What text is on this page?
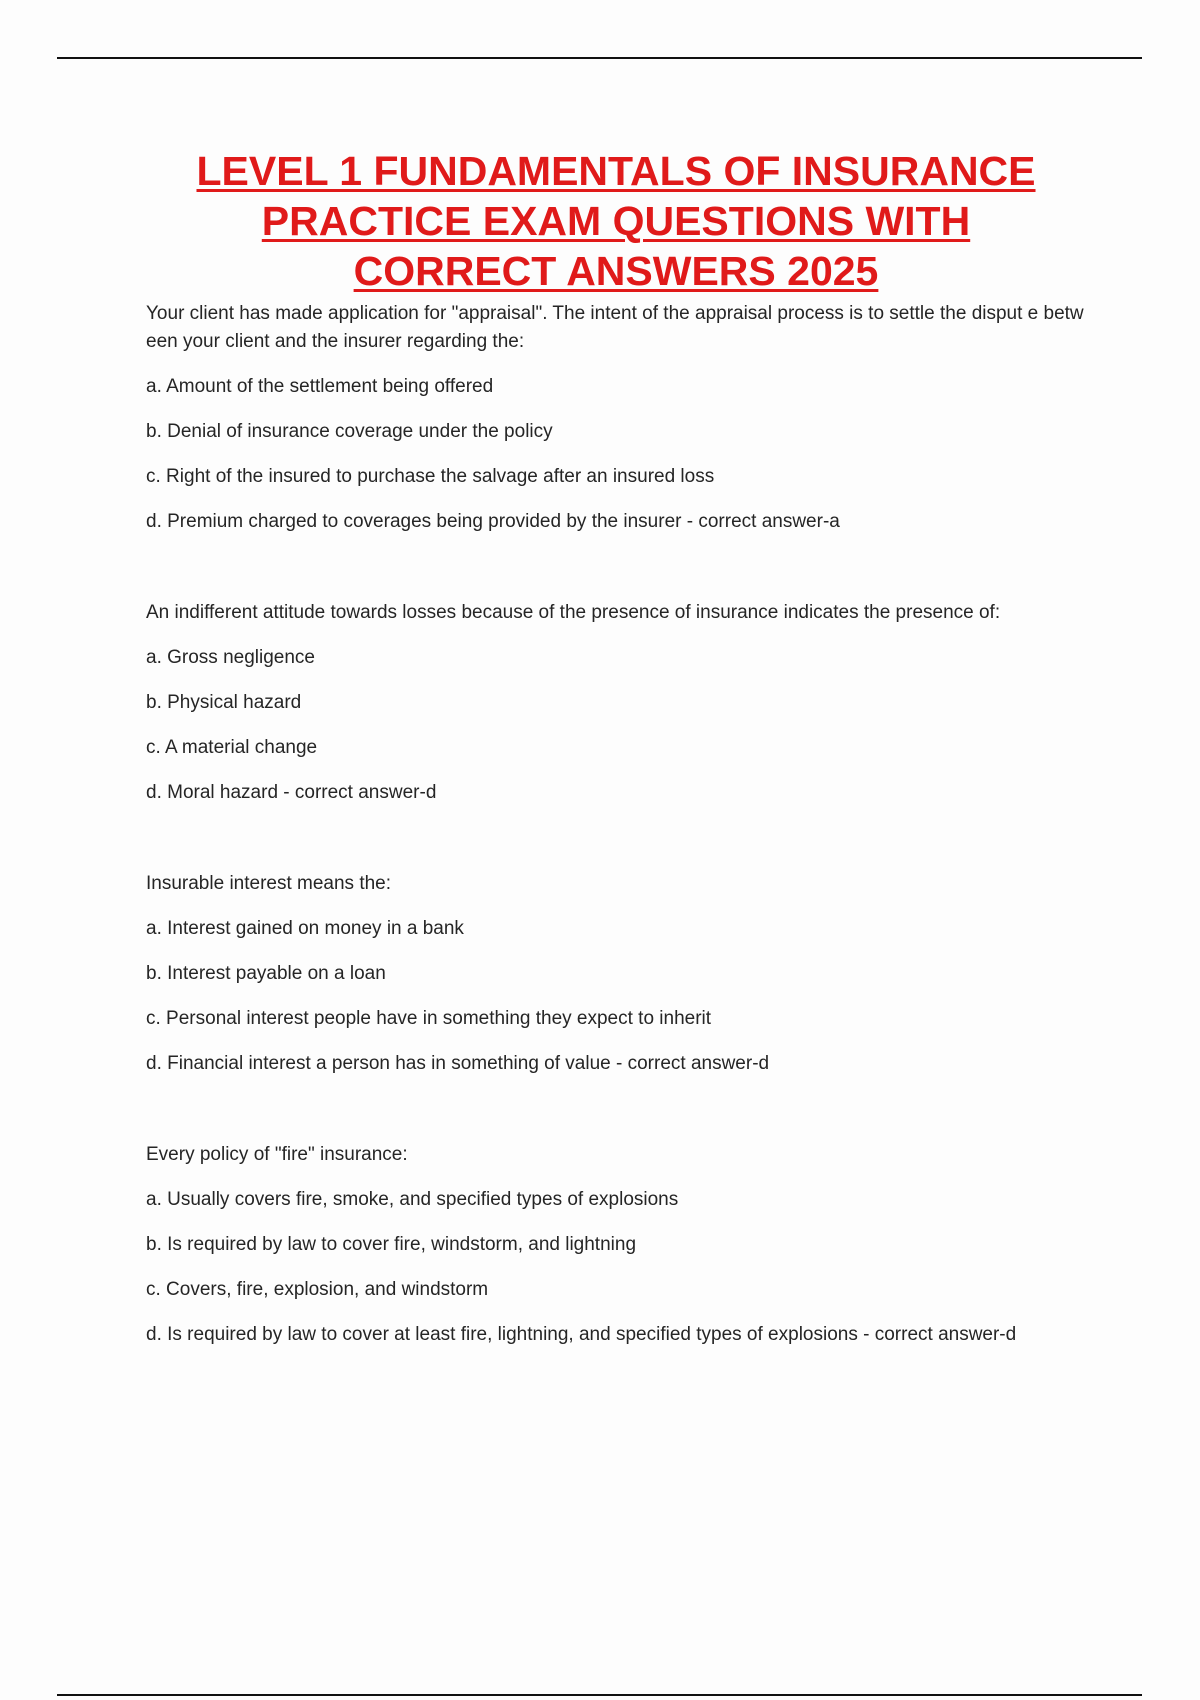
LEVEL 1 FUNDAMENTALS OF INSURANCE
PRACTICE EXAM QUESTIONS WITH
CORRECT ANSWERS 2025

Your client has made application for "appraisal". The intent of the appraisal process is to settle the disput e between your client and the insurer regarding the:

a. Amount of the settlement being offered

b. Denial of insurance coverage under the policy

c. Right of the insured to purchase the salvage after an insured loss

d. Premium charged to coverages being provided by the insurer - correct answer-a

An indifferent attitude towards losses because of the presence of insurance indicates the presence of:

a. Gross negligence

b. Physical hazard

c. A material change

d. Moral hazard - correct answer-d

Insurable interest means the:

a. Interest gained on money in a bank

b. Interest payable on a loan

c. Personal interest people have in something they expect to inherit

d. Financial interest a person has in something of value - correct answer-d

Every policy of "fire" insurance:

a. Usually covers fire, smoke, and specified types of explosions

b. Is required by law to cover fire, windstorm, and lightning

c. Covers, fire, explosion, and windstorm

d. Is required by law to cover at least fire, lightning, and specified types of explosions - correct answer-d
